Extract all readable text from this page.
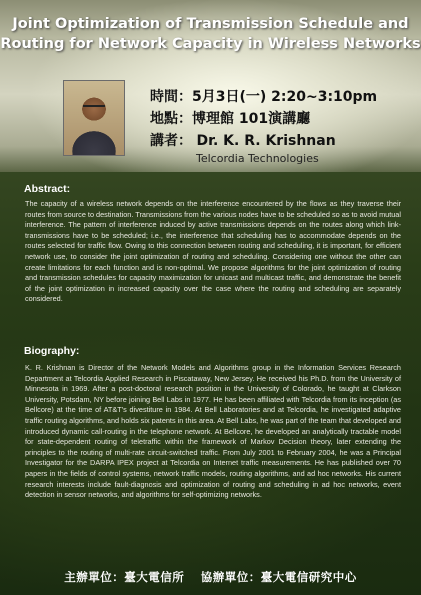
Joint Optimization of Transmission Schedule and
Routing for Network Capacity in Wireless Networks
時間：5月3日(一) 2:20~3:10pm
地點：博理館 101演講廳
講者： Dr. K. R. Krishnan
Telcordia Technologies
Abstract:
The capacity of a wireless network depends on the interference encountered by the flows as they traverse their routes from source to destination. Transmissions from the various nodes have to be scheduled so as to avoid mutual interference. The pattern of interference induced by active transmissions depends on the routes along which link-transmissions have to be scheduled; i.e., the interference that scheduling has to accommodate depends on the routes selected for traffic flow. Owing to this connection between routing and scheduling, it is important, for efficient network use, to consider the joint optimization of routing and scheduling. Considering one without the other can create limitations for each function and is non-optimal. We propose algorithms for the joint optimization of routing and transmission schedules for capacity maximization for unicast and multicast traffic, and demonstrate the benefit of the joint optimization in increased capacity over the case where the routing and scheduling are separately considered.
Biography:
K. R. Krishnan is Director of the Network Models and Algorithms group in the Information Services Research Department at Telcordia Applied Research in Piscataway, New Jersey. He received his Ph.D. from the University of Minnesota in 1969. After a post-doctoral research position in the University of Colorado, he taught at Clarkson University, Potsdam, NY before joining Bell Labs in 1977. He has been affiliated with Telcordia from its inception (as Bellcore) at the time of AT&T's divestiture in 1984. At Bell Laboratories and at Telcordia, he investigated adaptive traffic routing algorithms, and holds six patents in this area. At Bell Labs, he was part of the team that developed and introduced dynamic call-routing in the telephone network. At Bellcore, he developed an analytically tractable model for state-dependent routing of teletraffic within the framework of Markov Decision theory, later extending the principles to the routing of multi-rate circuit-switched traffic. From July 2001 to February 2004, he was a Principal Investigator for the DARPA IPEX project at Telcordia on Internet traffic measurements. He has published over 70 papers in the fields of control systems, network traffic models, routing algorithms, and ad hoc networks. His current research interests include fault-diagnosis and optimization of routing and scheduling in ad hoc networks, event detection in sensor networks, and algorithms for self-optimizing networks.
主辦單位：臺大電信所 協辦單位：臺大電信研究中心
